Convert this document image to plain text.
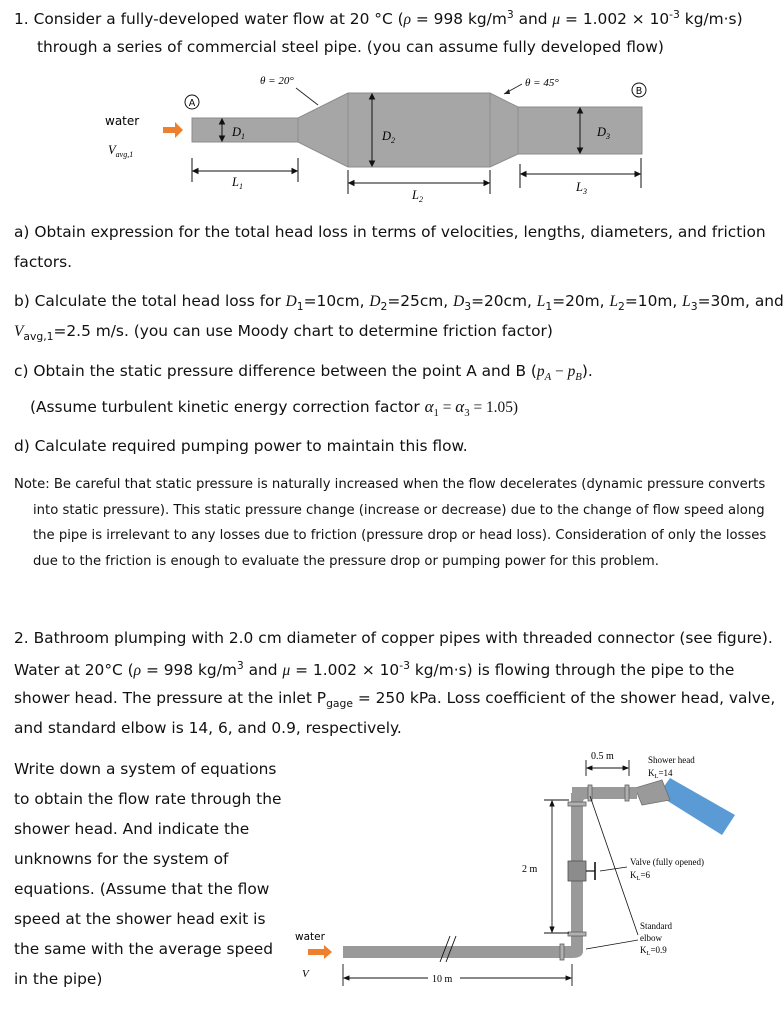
1. Consider a fully-developed water flow at 20 °C (ρ = 998 $kg/m^3$ and $\mu = 1.002 \times 10^{-3}$ kg/m·s)
through a series of commercial steel pipe. (you can assume fully developed flow)
θ = 20°	θ = 45°
A
B
$D_1$	$D_2$
$D_3$
water
$V_{avg,1}$
$L_1$
$L_2$
$L_3$
a) Obtain expression for the total head loss in terms of velocities, lengths, diameters, and friction
factors.
b) Calculate the total head loss for $D_1=10cm$, $D_2=25cm$, $D_3=20cm$, $L_1=20m$, $L_2=10m$, $L_3=30m$, and
$V_{avg,1}=2.5$ m/s. (you can use Moody chart to determine friction factor)
c) Obtain the static pressure difference between the point A and B $(p_A - p_B)$.
(Assume turbulent kinetic energy correction factor $\alpha_1 = \alpha_3 = 1.05$)
d) Calculate required pumping power to maintain this flow.
Note: Be careful that static pressure is naturally increased when the flow decelerates (dynamic pressure converts
into static pressure). This static pressure change (increase or decrease) due to the change of flow speed along
the pipe is irrelevant to any losses due to friction (pressure drop or head loss). Consideration of only the losses
due to the friction is enough to evaluate the pressure drop or pumping power for this problem.
2. Bathroom plumping with 2.0 cm diameter of copper pipes with threaded connector (see figure).
Water at 20°C (ρ = 998 $kg/m^3$ and $\mu = 1.002 \times 10^{-3}$ kg/m·s) is flowing through the pipe to the
shower head. The pressure at the inlet $P_{gage} = 250$ kPa. Loss coefficient of the shower head, valve,
and standard elbow is 14, 6, and 0.9, respectively.
Write down a system of equations
to obtain the flow rate through the
shower head. And indicate the
unknowns for the system of
equations. (Assume that the flow
speed at the shower head exit is
the same with the average speed
in the pipe)
0.5 m	Shower head
$K_L=14$
2 m
Valve (fully opened)
$K_L=6$
Standard
elbow
$K_L=0.9$
water
V	10 m
